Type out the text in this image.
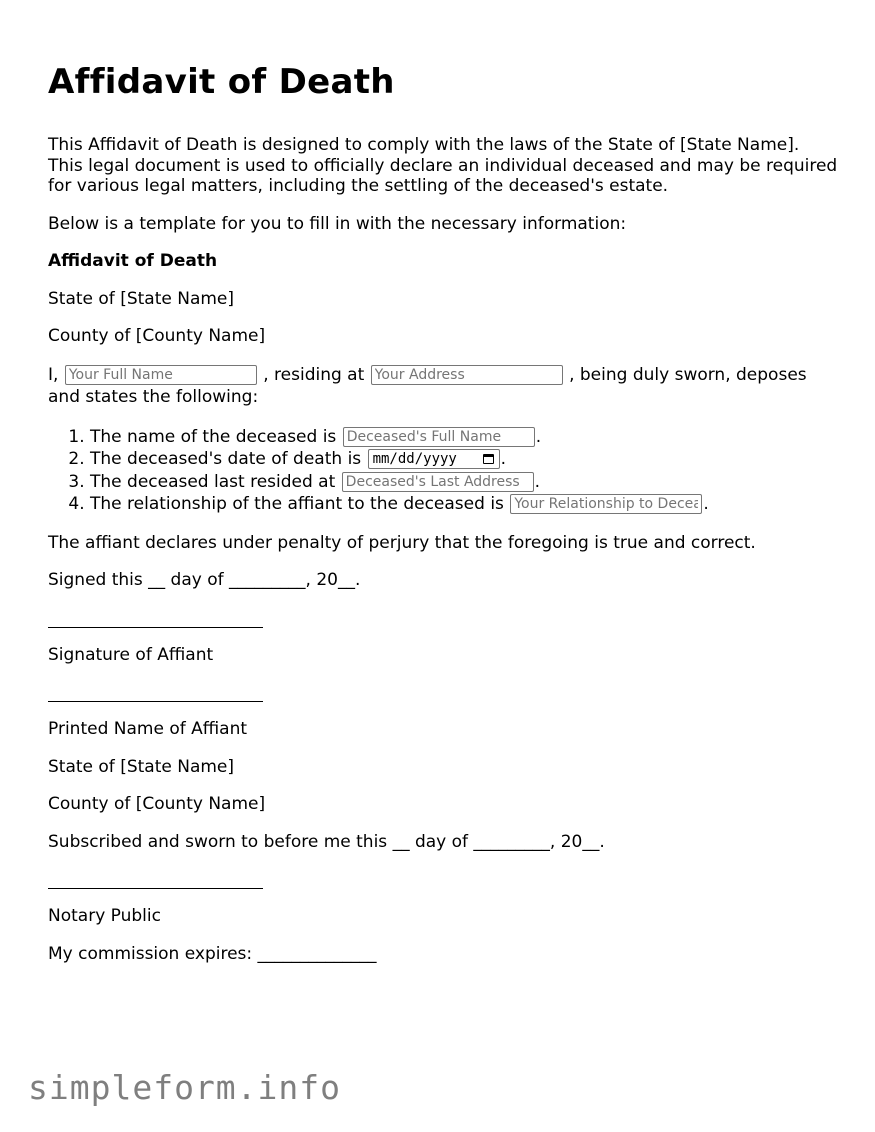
Affidavit of Death

This Affidavit of Death is designed to comply with the laws of the State of [State Name]. This legal document is used to officially declare an individual deceased and may be required for various legal matters, including the settling of the deceased's estate.

Below is a template for you to fill in with the necessary information:

Affidavit of Death

State of [State Name]

County of [County Name]

I, Your Full Name	, residing at Your Address	, being duly sworn, deposes and states the following:

1. The name of the deceased is Deceased's Full Name	.
2. The deceased's date of death is mm/dd/yyyy	.
3. The deceased last resided at Deceased's Last Address	.
4. The relationship of the affiant to the deceased is Your Relationship to Deceased	.

The affiant declares under penalty of perjury that the foregoing is true and correct.

Signed this __ day of _________, 20__.

Signature of Affiant

Printed Name of Affiant

State of [State Name]

County of [County Name]

Subscribed and sworn to before me this __ day of _________, 20__.

Notary Public

My commission expires: ______________

simpleform.info
